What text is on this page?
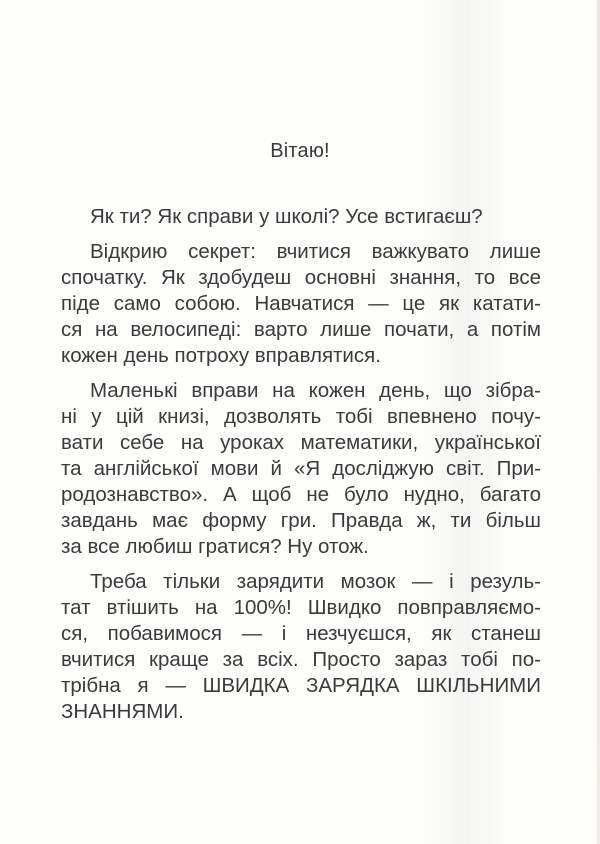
Вітаю!
Як ти? Як справи у школі? Усе встигаєш?
Відкрию секрет: вчитися важкувато лише
спочатку. Як здобудеш основні знання, то все
піде само собою. Навчатися — це як катати-
ся на велосипеді: варто лише почати, а потім
кожен день потроху вправлятися.
Маленькі вправи на кожен день, що зібра-
ні у цій книзі, дозволять тобі впевнено почу-
вати себе на уроках математики, української
та англійської мови й «Я досліджую світ. При-
родознавство». А щоб не було нудно, багато
завдань має форму гри. Правда ж, ти більш
за все любиш гратися? Ну отож.
Треба тільки зарядити мозок — і резуль-
тат втішить на 100%! Швидко повправляємо-
ся, побавимося — і незчуєшся, як станеш
вчитися краще за всіх. Просто зараз тобі по-
трібна я — ШВИДКА ЗАРЯДКА ШКІЛЬНИМИ
ЗНАННЯМИ.
